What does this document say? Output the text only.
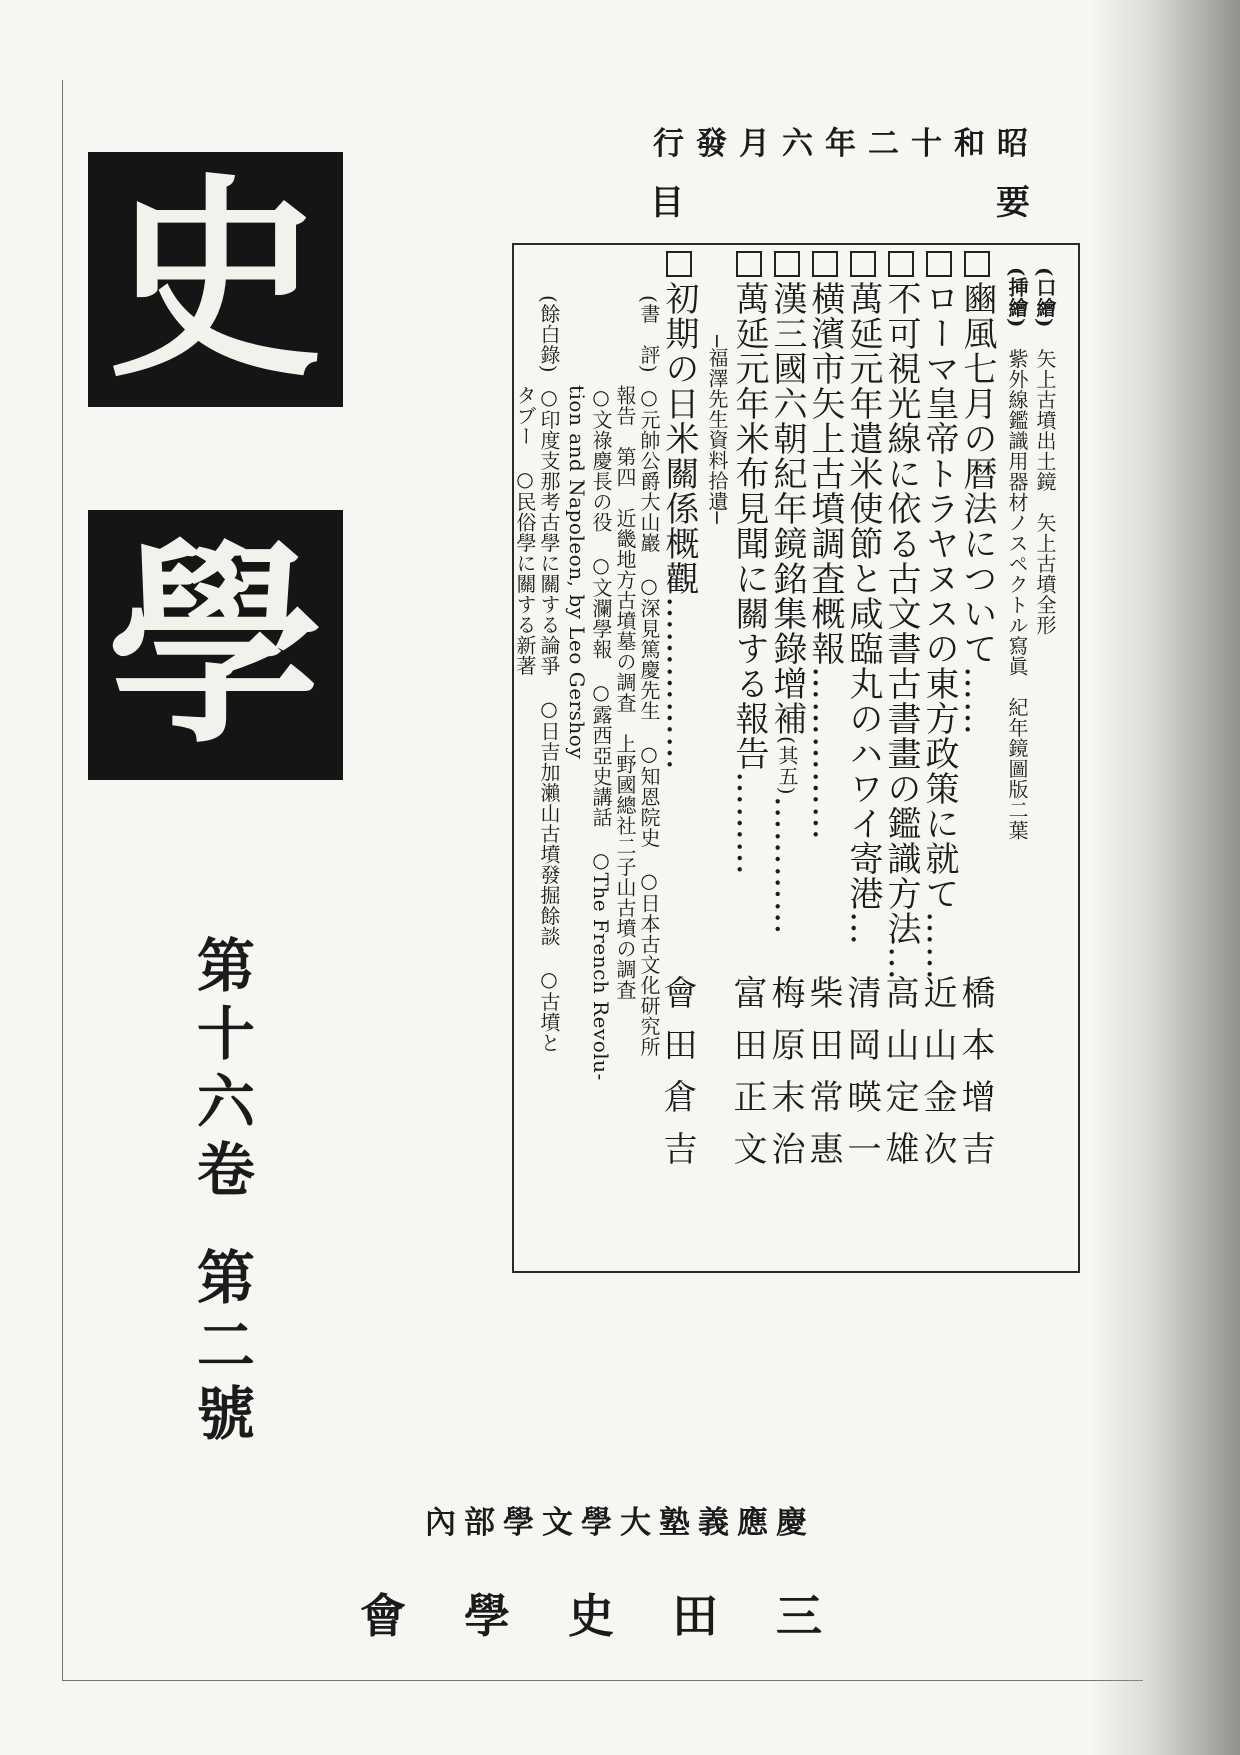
史
學
第十六卷第二號
昭和十二年六月發行
要
目
(口繪)　矢上古墳出土鏡　矢上古墳全形
(挿繪)　紫外線鑑識用器材ノスペクトル寫眞　紀年鏡圖版二葉
豳風七月の暦法について……
橋本增吉
ローマ皇帝トラヤヌスの東方政策に就て……
近山金次
不可視光線に依る古文書古書畫の鑑識方法…
高山定雄
萬延元年遣米使節と咸臨丸のハワイ寄港…
清岡暎一
横濱市矢上古墳調査概報……………
柴田常惠
漢三國六朝紀年鏡銘集錄增補(其五)…………
梅原末治
萬延元年米布見聞に關する報告………
富田正文
─福澤先生資料拾遺─
初期の日米關係概觀……………
會田倉吉
(書　評)
○元帥公爵大山巖　○深見篤慶先生　○知恩院史　○日本古文化研究所
報告　第四　近畿地方古墳墓の調査　上野國總社二子山古墳の調査
○文祿慶長の役　○文瀾學報　○露西亞史講話　○The French Revolu-
tion and Napoleon, by Leo Gershoy
(餘白錄)
○印度支那考古學に關する論爭　○日吉加瀨山古墳發掘餘談　○古墳と
タブー　○民俗學に關する新著
慶應義塾大學文學部內
三田史學會
